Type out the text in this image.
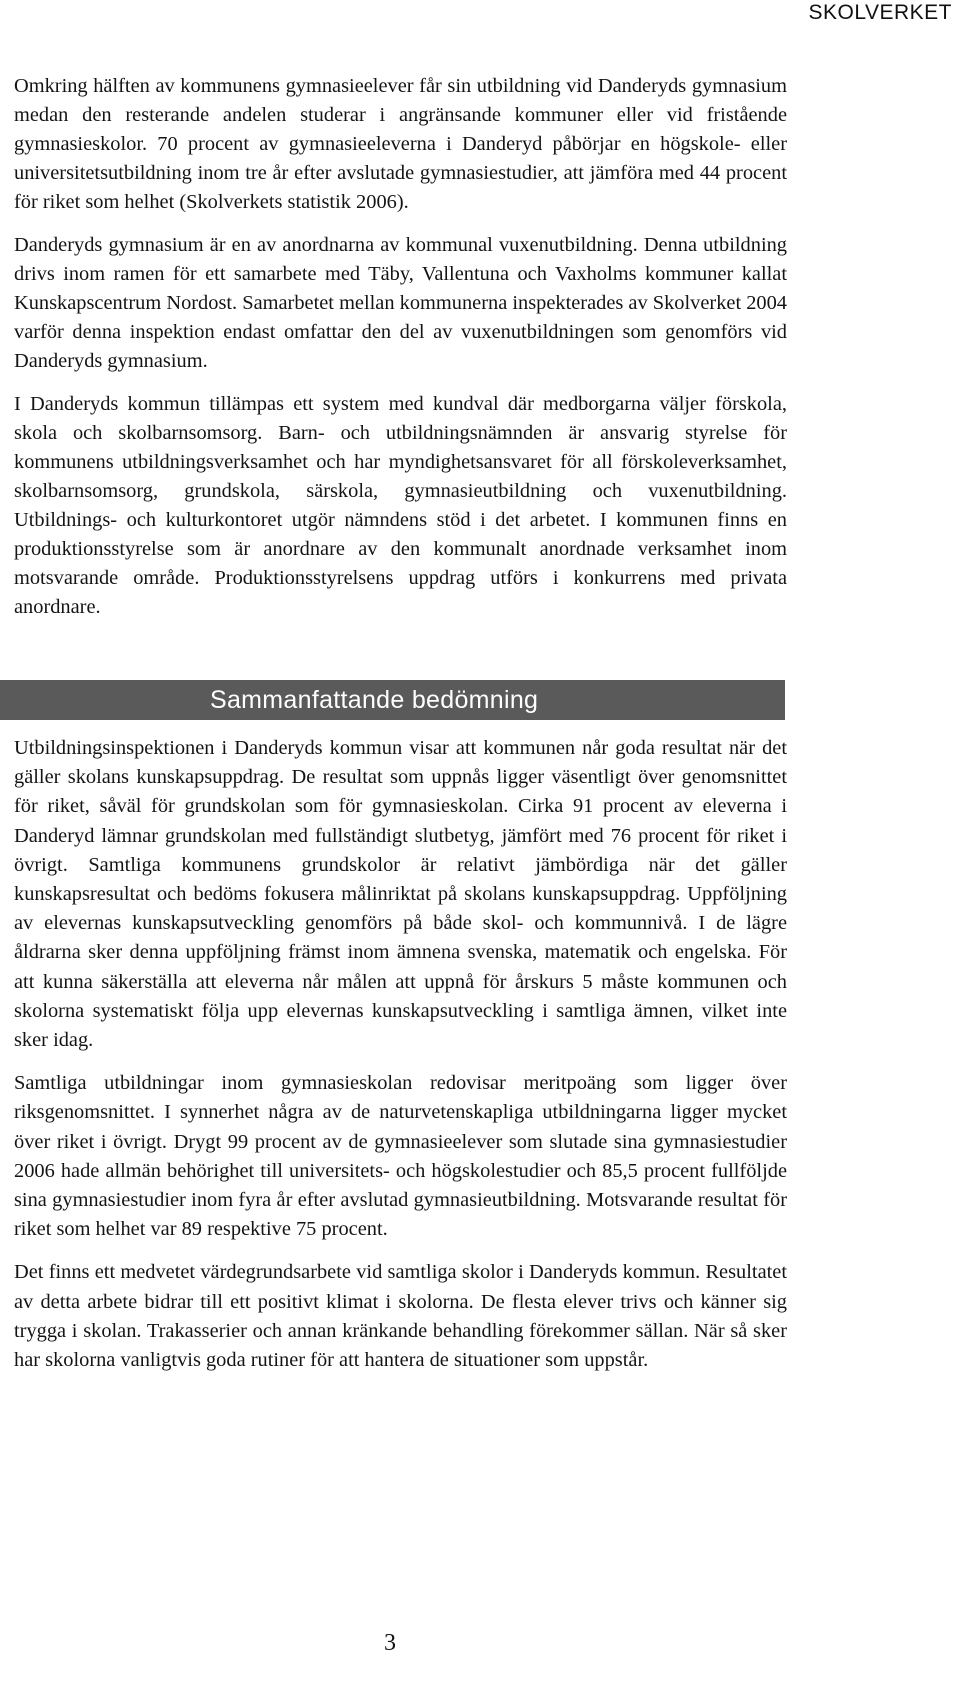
SKOLVERKET

Omkring hälften av kommunens gymnasieelever får sin utbildning vid Danderyds gymnasium medan den resterande andelen studerar i angränsande kommuner eller vid fristående gymnasieskolor. 70 procent av gymnasieeleverna i Danderyd påbörjar en högskole- eller universitetsutbildning inom tre år efter avslutade gymnasiestudier, att jämföra med 44 procent för riket som helhet (Skolverkets statistik 2006).

Danderyds gymnasium är en av anordnarna av kommunal vuxenutbildning. Denna utbildning drivs inom ramen för ett samarbete med Täby, Vallentuna och Vaxholms kommuner kallat Kunskapscentrum Nordost. Samarbetet mellan kommunerna inspekterades av Skolverket 2004 varför denna inspektion endast omfattar den del av vuxenutbildningen som genomförs vid Danderyds gymnasium.

I Danderyds kommun tillämpas ett system med kundval där medborgarna väljer förskola, skola och skolbarnsomsorg. Barn- och utbildningsnämnden är ansvarig styrelse för kommunens utbildningsverksamhet och har myndighetsansvaret för all förskoleverksamhet, skolbarnsomsorg, grundskola, särskola, gymnasieutbildning och vuxenutbildning. Utbildnings- och kulturkontoret utgör nämndens stöd i det arbetet. I kommunen finns en produktionsstyrelse som är anordnare av den kommunalt anordnade verksamhet inom motsvarande område. Produktionsstyrelsens uppdrag utförs i konkurrens med privata anordnare.

Sammanfattande bedömning

Utbildningsinspektionen i Danderyds kommun visar att kommunen når goda resultat när det gäller skolans kunskapsuppdrag. De resultat som uppnås ligger väsentligt över genomsnittet för riket, såväl för grundskolan som för gymnasieskolan. Cirka 91 procent av eleverna i Danderyd lämnar grundskolan med fullständigt slutbetyg, jämfört med 76 procent för riket i övrigt. Samtliga kommunens grundskolor är relativt jämbördiga när det gäller kunskapsresultat och bedöms fokusera målinriktat på skolans kunskapsuppdrag. Uppföljning av elevernas kunskapsutveckling genomförs på både skol- och kommunnivå. I de lägre åldrarna sker denna uppföljning främst inom ämnena svenska, matematik och engelska. För att kunna säkerställa att eleverna når målen att uppnå för årskurs 5 måste kommunen och skolorna systematiskt följa upp elevernas kunskapsutveckling i samtliga ämnen, vilket inte sker idag.

Samtliga utbildningar inom gymnasieskolan redovisar meritpoäng som ligger över riksgenomsnittet. I synnerhet några av de naturvetenskapliga utbildningarna ligger mycket över riket i övrigt. Drygt 99 procent av de gymnasieelever som slutade sina gymnasiestudier 2006 hade allmän behörighet till universitets- och högskolestudier och 85,5 procent fullföljde sina gymnasiestudier inom fyra år efter avslutad gymnasieutbildning. Motsvarande resultat för riket som helhet var 89 respektive 75 procent.

Det finns ett medvetet värdegrundsarbete vid samtliga skolor i Danderyds kommun. Resultatet av detta arbete bidrar till ett positivt klimat i skolorna. De flesta elever trivs och känner sig trygga i skolan. Trakasserier och annan kränkande behandling förekommer sällan. När så sker har skolorna vanligtvis goda rutiner för att hantera de situationer som uppstår.

3
